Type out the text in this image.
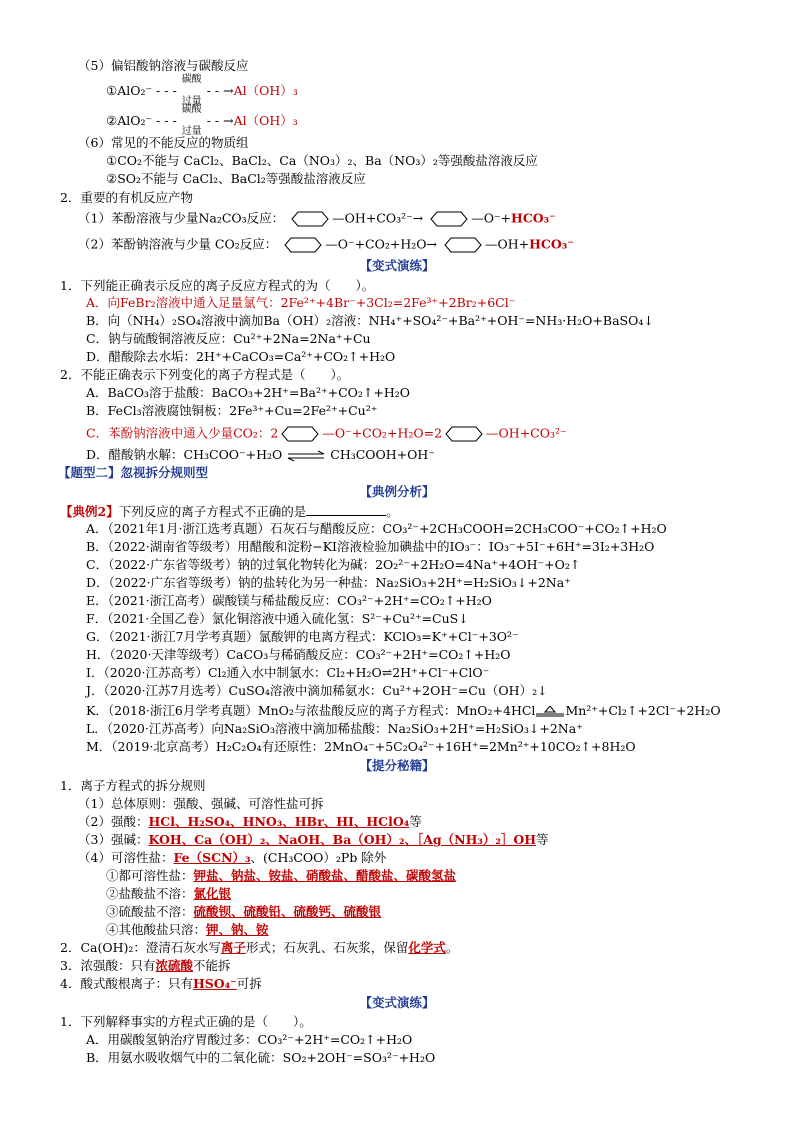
（5）偏铝酸钠溶液与碳酸反应
①AlO₂⁻ - - -
碳酸
过量
- - →Al（OH）₃
②AlO₂⁻ - - -
碳酸
过量
- - →Al（OH）₃
（6）常见的不能反应的物质组
①CO₂不能与 CaCl₂、BaCl₂、Ca（NO₃）₂、Ba（NO₃）₂等强酸盐溶液反应
②SO₂不能与 CaCl₂、BaCl₂等强酸盐溶液反应
2．重要的有机反应产物
（1）苯酚溶液与少量Na₂CO₃反应：	—OH+CO₃²⁻→	—O⁻+HCO₃⁻
（2）苯酚钠溶液与少量 CO₂反应：	—O⁻+CO₂+H₂O→	—OH+HCO₃⁻
【变式演练】
1．下列能正确表示反应的离子反应方程式的为（　　）。
A．向FeBr₂溶液中通入足量氯气：2Fe²⁺+4Br⁻+3Cl₂=2Fe³⁺+2Br₂+6Cl⁻
B．向（NH₄）₂SO₄溶液中滴加Ba（OH）₂溶液：NH₄⁺+SO₄²⁻+Ba²⁺+OH⁻=NH₃·H₂O+BaSO₄↓
C．钠与硫酸铜溶液反应：Cu²⁺+2Na=2Na⁺+Cu
D．醋酸除去水垢：2H⁺+CaCO₃=Ca²⁺+CO₂↑+H₂O
2．不能正确表示下列变化的离子方程式是（　　）。
A．BaCO₃溶于盐酸：BaCO₃+2H⁺=Ba²⁺+CO₂↑+H₂O
B．FeCl₃溶液腐蚀铜板：2Fe³⁺+Cu=2Fe²⁺+Cu²⁺
C．苯酚钠溶液中通入少量CO₂：2	—O⁻+CO₂+H₂O=2	—OH+CO₃²⁻
D．醋酸钠水解：CH₃COO⁻+H₂O ⇌ CH₃COOH+OH⁻
【题型二】忽视拆分规则型
【典例分析】
【典例2】下列反应的离子方程式不正确的是	。
A．（2021年1月·浙江选考真题）石灰石与醋酸反应：CO₃²⁻+2CH₃COOH=2CH₃COO⁻+CO₂↑+H₂O
B．（2022·湖南省等级考）用醋酸和淀粉−KI溶液检验加碘盐中的IO₃⁻：IO₃⁻+5I⁻+6H⁺=3I₂+3H₂O
C．（2022·广东省等级考）钠的过氧化物转化为碱：2O₂²⁻+2H₂O=4Na⁺+4OH⁻+O₂↑
D．（2022·广东省等级考）钠的盐转化为另一种盐：Na₂SiO₃+2H⁺=H₂SiO₃↓+2Na⁺
E．（2021·浙江高考）碳酸镁与稀盐酸反应：CO₃²⁻+2H⁺=CO₂↑+H₂O
F．（2021·全国乙卷）氯化铜溶液中通入硫化氢：S²⁻+Cu²⁺=CuS↓
G．（2021·浙江7月学考真题）氯酸钾的电离方程式：KClO₃=K⁺+Cl⁻+3O²⁻
H．（2020·天津等级考）CaCO₃与稀硝酸反应：CO₃²⁻+2H⁺=CO₂↑+H₂O
I．（2020·江苏高考）Cl₂通入水中制氯水：Cl₂+H₂O⇌2H⁺+Cl⁻+ClO⁻
J．（2020·江苏7月选考）CuSO₄溶液中滴加稀氨水：Cu²⁺+2OH⁻=Cu（OH）₂↓
K．（2018·浙江6月学考真题）MnO₂与浓盐酸反应的离子方程式：MnO₂+4HCl Mn²⁺+Cl₂↑+2Cl⁻+2H₂O
L．（2020·江苏高考）向Na₂SiO₃溶液中滴加稀盐酸：Na₂SiO₃+2H⁺=H₂SiO₃↓+2Na⁺
M．（2019·北京高考）H₂C₂O₄有还原性：2MnO₄⁻+5C₂O₄²⁻+16H⁺=2Mn²⁺+10CO₂↑+8H₂O
【提分秘籍】
1．离子方程式的拆分规则
（1）总体原则：强酸、强碱、可溶性盐可拆
（2）强酸：HCl、H₂SO₄、HNO₃、HBr、HI、HClO₄等
（3）强碱：KOH、Ca（OH）₂、NaOH、Ba（OH）₂、［Ag（NH₃）₂］OH等
（4）可溶性盐：Fe（SCN）₃、(CH₃COO）₂Pb 除外
①都可溶性盐：钾盐、钠盐、铵盐、硝酸盐、醋酸盐、碳酸氢盐
②盐酸盐不溶：氯化银
③硫酸盐不溶：硫酸钡、硫酸铅、硫酸钙、硫酸银
④其他酸盐只溶：钾、钠、铵
2．Ca(OH)₂：澄清石灰水写离子形式；石灰乳、石灰浆，保留化学式。
3．浓强酸：只有浓硫酸不能拆
4．酸式酸根离子：只有HSO₄⁻可拆
【变式演练】
1．下列解释事实的方程式正确的是（　　）。
A．用碳酸氢钠治疗胃酸过多：CO₃²⁻+2H⁺=CO₂↑+H₂O
B．用氨水吸收烟气中的二氧化硫：SO₂+2OH⁻=SO₃²⁻+H₂O
